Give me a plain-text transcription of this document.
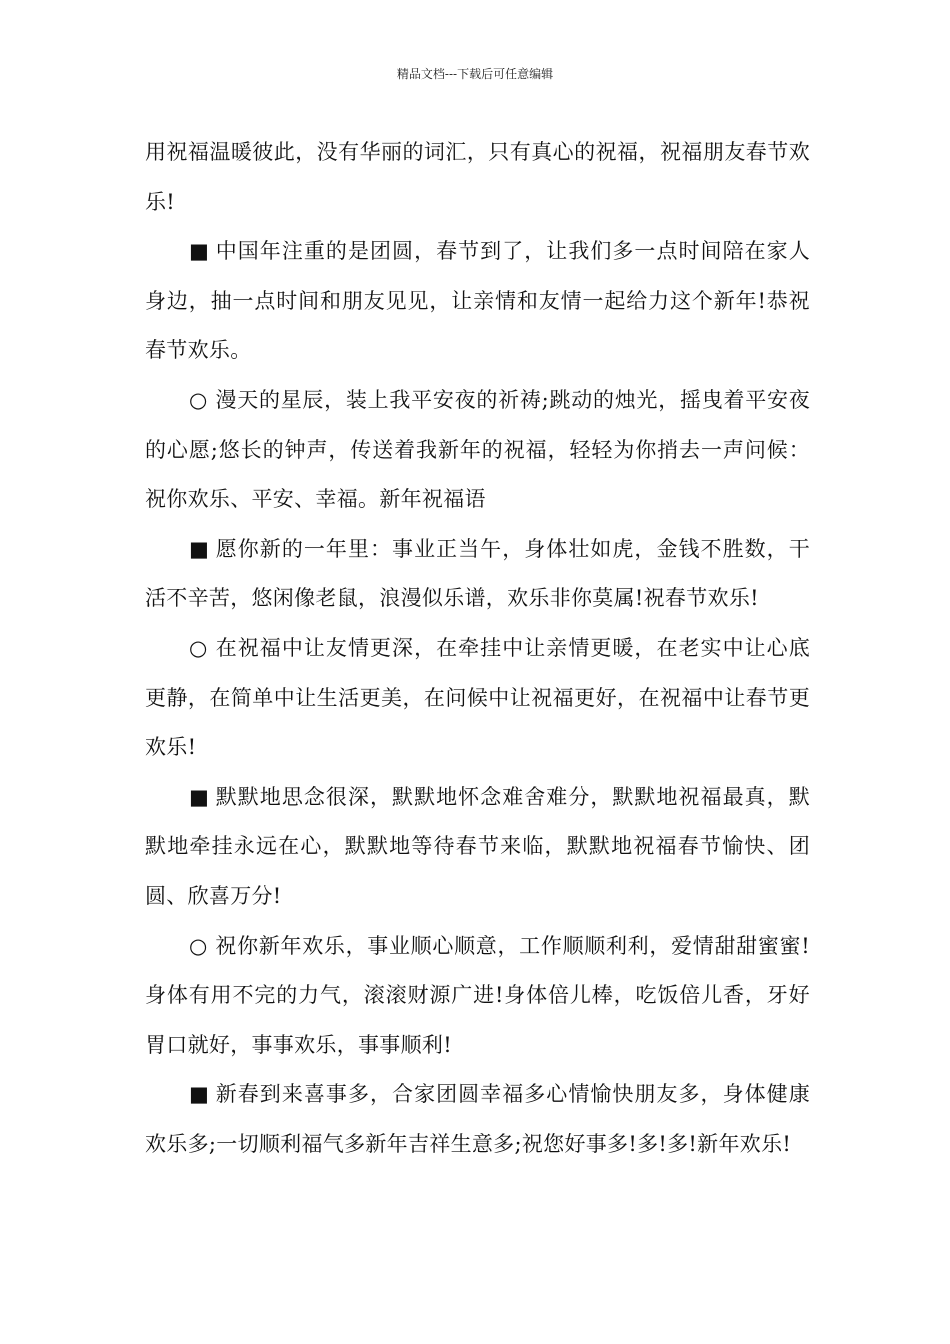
精品文档---下载后可任意编辑

用祝福温暖彼此，没有华丽的词汇，只有真心的祝福，祝福朋友春节欢乐!

■ 中国年注重的是团圆，春节到了，让我们多一点时间陪在家人身边，抽一点时间和朋友见见，让亲情和友情一起给力这个新年!恭祝春节欢乐。

○ 漫天的星辰，装上我平安夜的祈祷;跳动的烛光，摇曳着平安夜的心愿;悠长的钟声，传送着我新年的祝福，轻轻为你捎去一声问候：祝你欢乐、平安、幸福。新年祝福语

■ 愿你新的一年里：事业正当午，身体壮如虎，金钱不胜数，干活不辛苦，悠闲像老鼠，浪漫似乐谱，欢乐非你莫属!祝春节欢乐!

○ 在祝福中让友情更深，在牵挂中让亲情更暖，在老实中让心底更静，在简单中让生活更美，在问候中让祝福更好，在祝福中让春节更欢乐!

■ 默默地思念很深，默默地怀念难舍难分，默默地祝福最真，默默地牵挂永远在心，默默地等待春节来临，默默地祝福春节愉快、团圆、欣喜万分!

○ 祝你新年欢乐，事业顺心顺意，工作顺顺利利，爱情甜甜蜜蜜!身体有用不完的力气，滚滚财源广进!身体倍儿棒，吃饭倍儿香，牙好胃口就好，事事欢乐，事事顺利!

■ 新春到来喜事多，合家团圆幸福多心情愉快朋友多，身体健康欢乐多;一切顺利福气多新年吉祥生意多;祝您好事多!多!多!新年欢乐!
